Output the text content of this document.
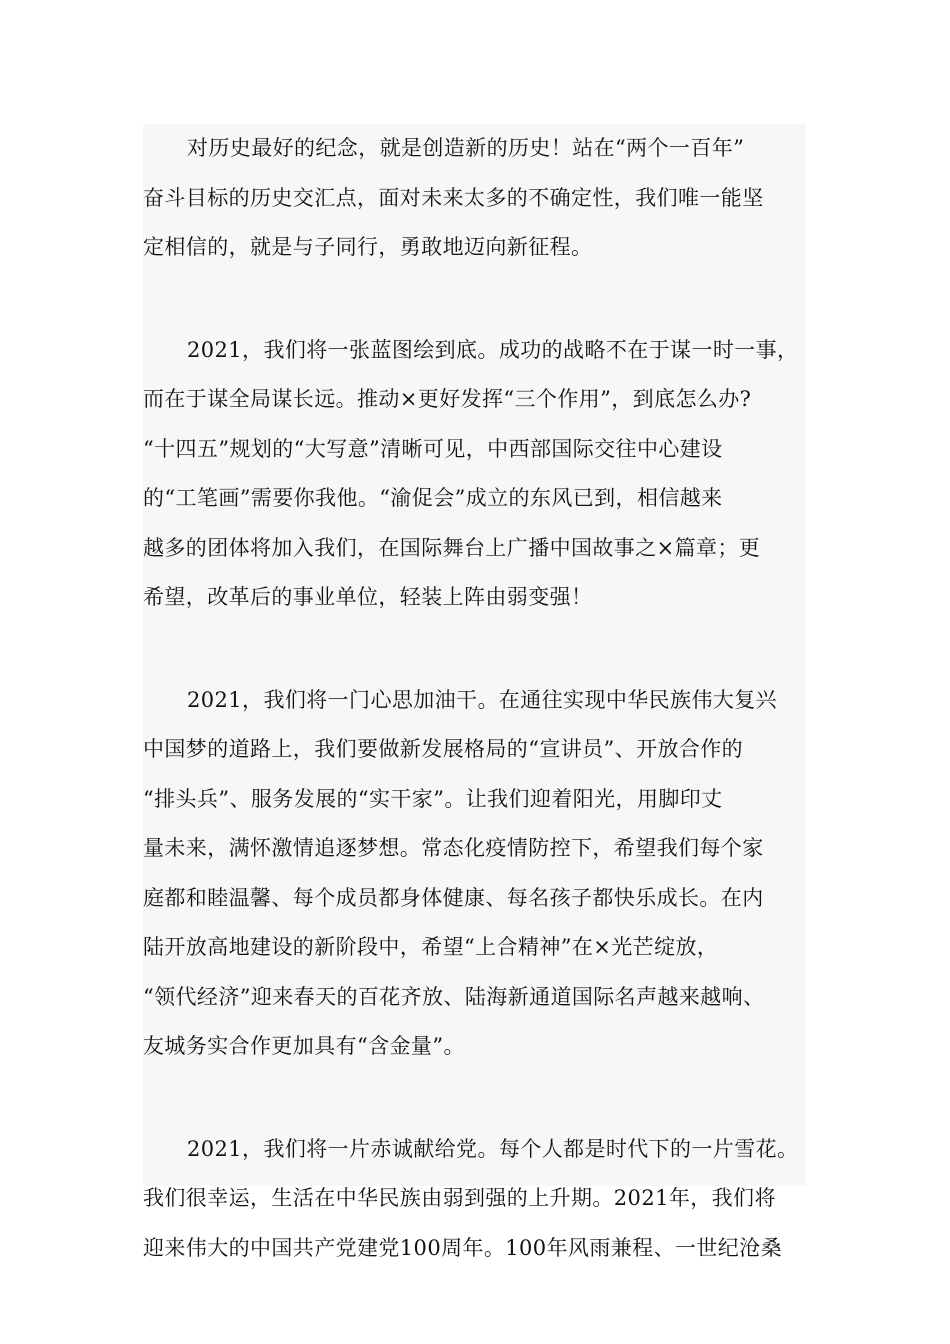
对历史最好的纪念，就是创造新的历史！站在“两个一百年”
奋斗目标的历史交汇点，面对未来太多的不确定性，我们唯一能坚
定相信的，就是与子同行，勇敢地迈向新征程。
2021，我们将一张蓝图绘到底。成功的战略不在于谋一时一事，
而在于谋全局谋长远。推动×更好发挥“三个作用”，到底怎么办?
“十四五”规划的“大写意”清晰可见，中西部国际交往中心建设
的“工笔画”需要你我他。“渝促会”成立的东风已到，相信越来
越多的团体将加入我们，在国际舞台上广播中国故事之×篇章；更
希望，改革后的事业单位，轻装上阵由弱变强！
2021，我们将一门心思加油干。在通往实现中华民族伟大复兴
中国梦的道路上，我们要做新发展格局的“宣讲员”、开放合作的
“排头兵”、服务发展的“实干家”。让我们迎着阳光，用脚印丈
量未来，满怀激情追逐梦想。常态化疫情防控下，希望我们每个家
庭都和睦温馨、每个成员都身体健康、每名孩子都快乐成长。在内
陆开放高地建设的新阶段中，希望“上合精神”在×光芒绽放，
“领代经济”迎来春天的百花齐放、陆海新通道国际名声越来越响、
友城务实合作更加具有“含金量”。
2021，我们将一片赤诚献给党。每个人都是时代下的一片雪花。
我们很幸运，生活在中华民族由弱到强的上升期。2021年，我们将
迎来伟大的中国共产党建党100周年。100年风雨兼程、一世纪沧桑
